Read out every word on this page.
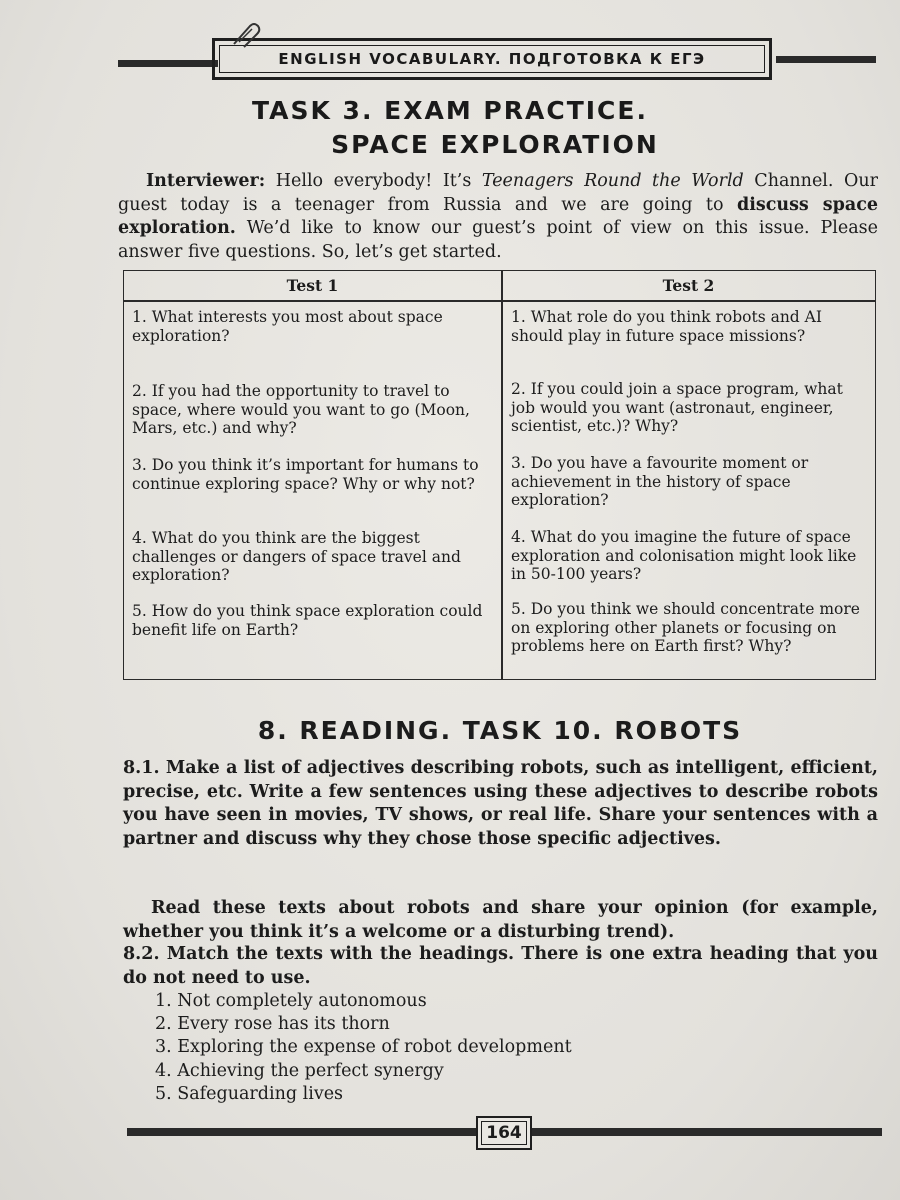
ENGLISH VOCABULARY. ПОДГОТОВКА К ЕГЭ
TASK 3. EXAM PRACTICE.
SPACE EXPLORATION

Interviewer: Hello everybody! It’s Teenagers Round the World Channel. Our guest today is a teenager from Russia and we are going to discuss space exploration. We’d like to know our guest’s point of view on this issue. Please answer five questions. So, let’s get started.

Test 1	Test 2
1. What interests you most about space exploration?
2. If you had the opportunity to travel to space, where would you want to go (Moon, Mars, etc.) and why?
3. Do you think it’s important for humans to continue exploring space? Why or why not?
4. What do you think are the biggest challenges or dangers of space travel and exploration?
5. How do you think space exploration could benefit life on Earth?
1. What role do you think robots and AI should play in future space missions?
2. If you could join a space program, what job would you want (astronaut, engineer, scientist, etc.)? Why?
3. Do you have a favourite moment or achievement in the history of space exploration?
4. What do you imagine the future of space exploration and colonisation might look like in 50-100 years?
5. Do you think we should concentrate more on exploring other planets or focusing on problems here on Earth first? Why?
8. READING. TASK 10. ROBOTS

8.1. Make a list of adjectives describing robots, such as intelligent, efficient, precise, etc. Write a few sentences using these adjectives to describe robots you have seen in movies, TV shows, or real life. Share your sentences with a partner and discuss why they chose those specific adjectives.

Read these texts about robots and share your opinion (for example, whether you think it’s a welcome or a disturbing trend).

8.2. Match the texts with the headings. There is one extra heading that you do not need to use.

1. Not completely autonomous
2. Every rose has its thorn
3. Exploring the expense of robot development
4. Achieving the perfect synergy
5. Safeguarding lives
164
